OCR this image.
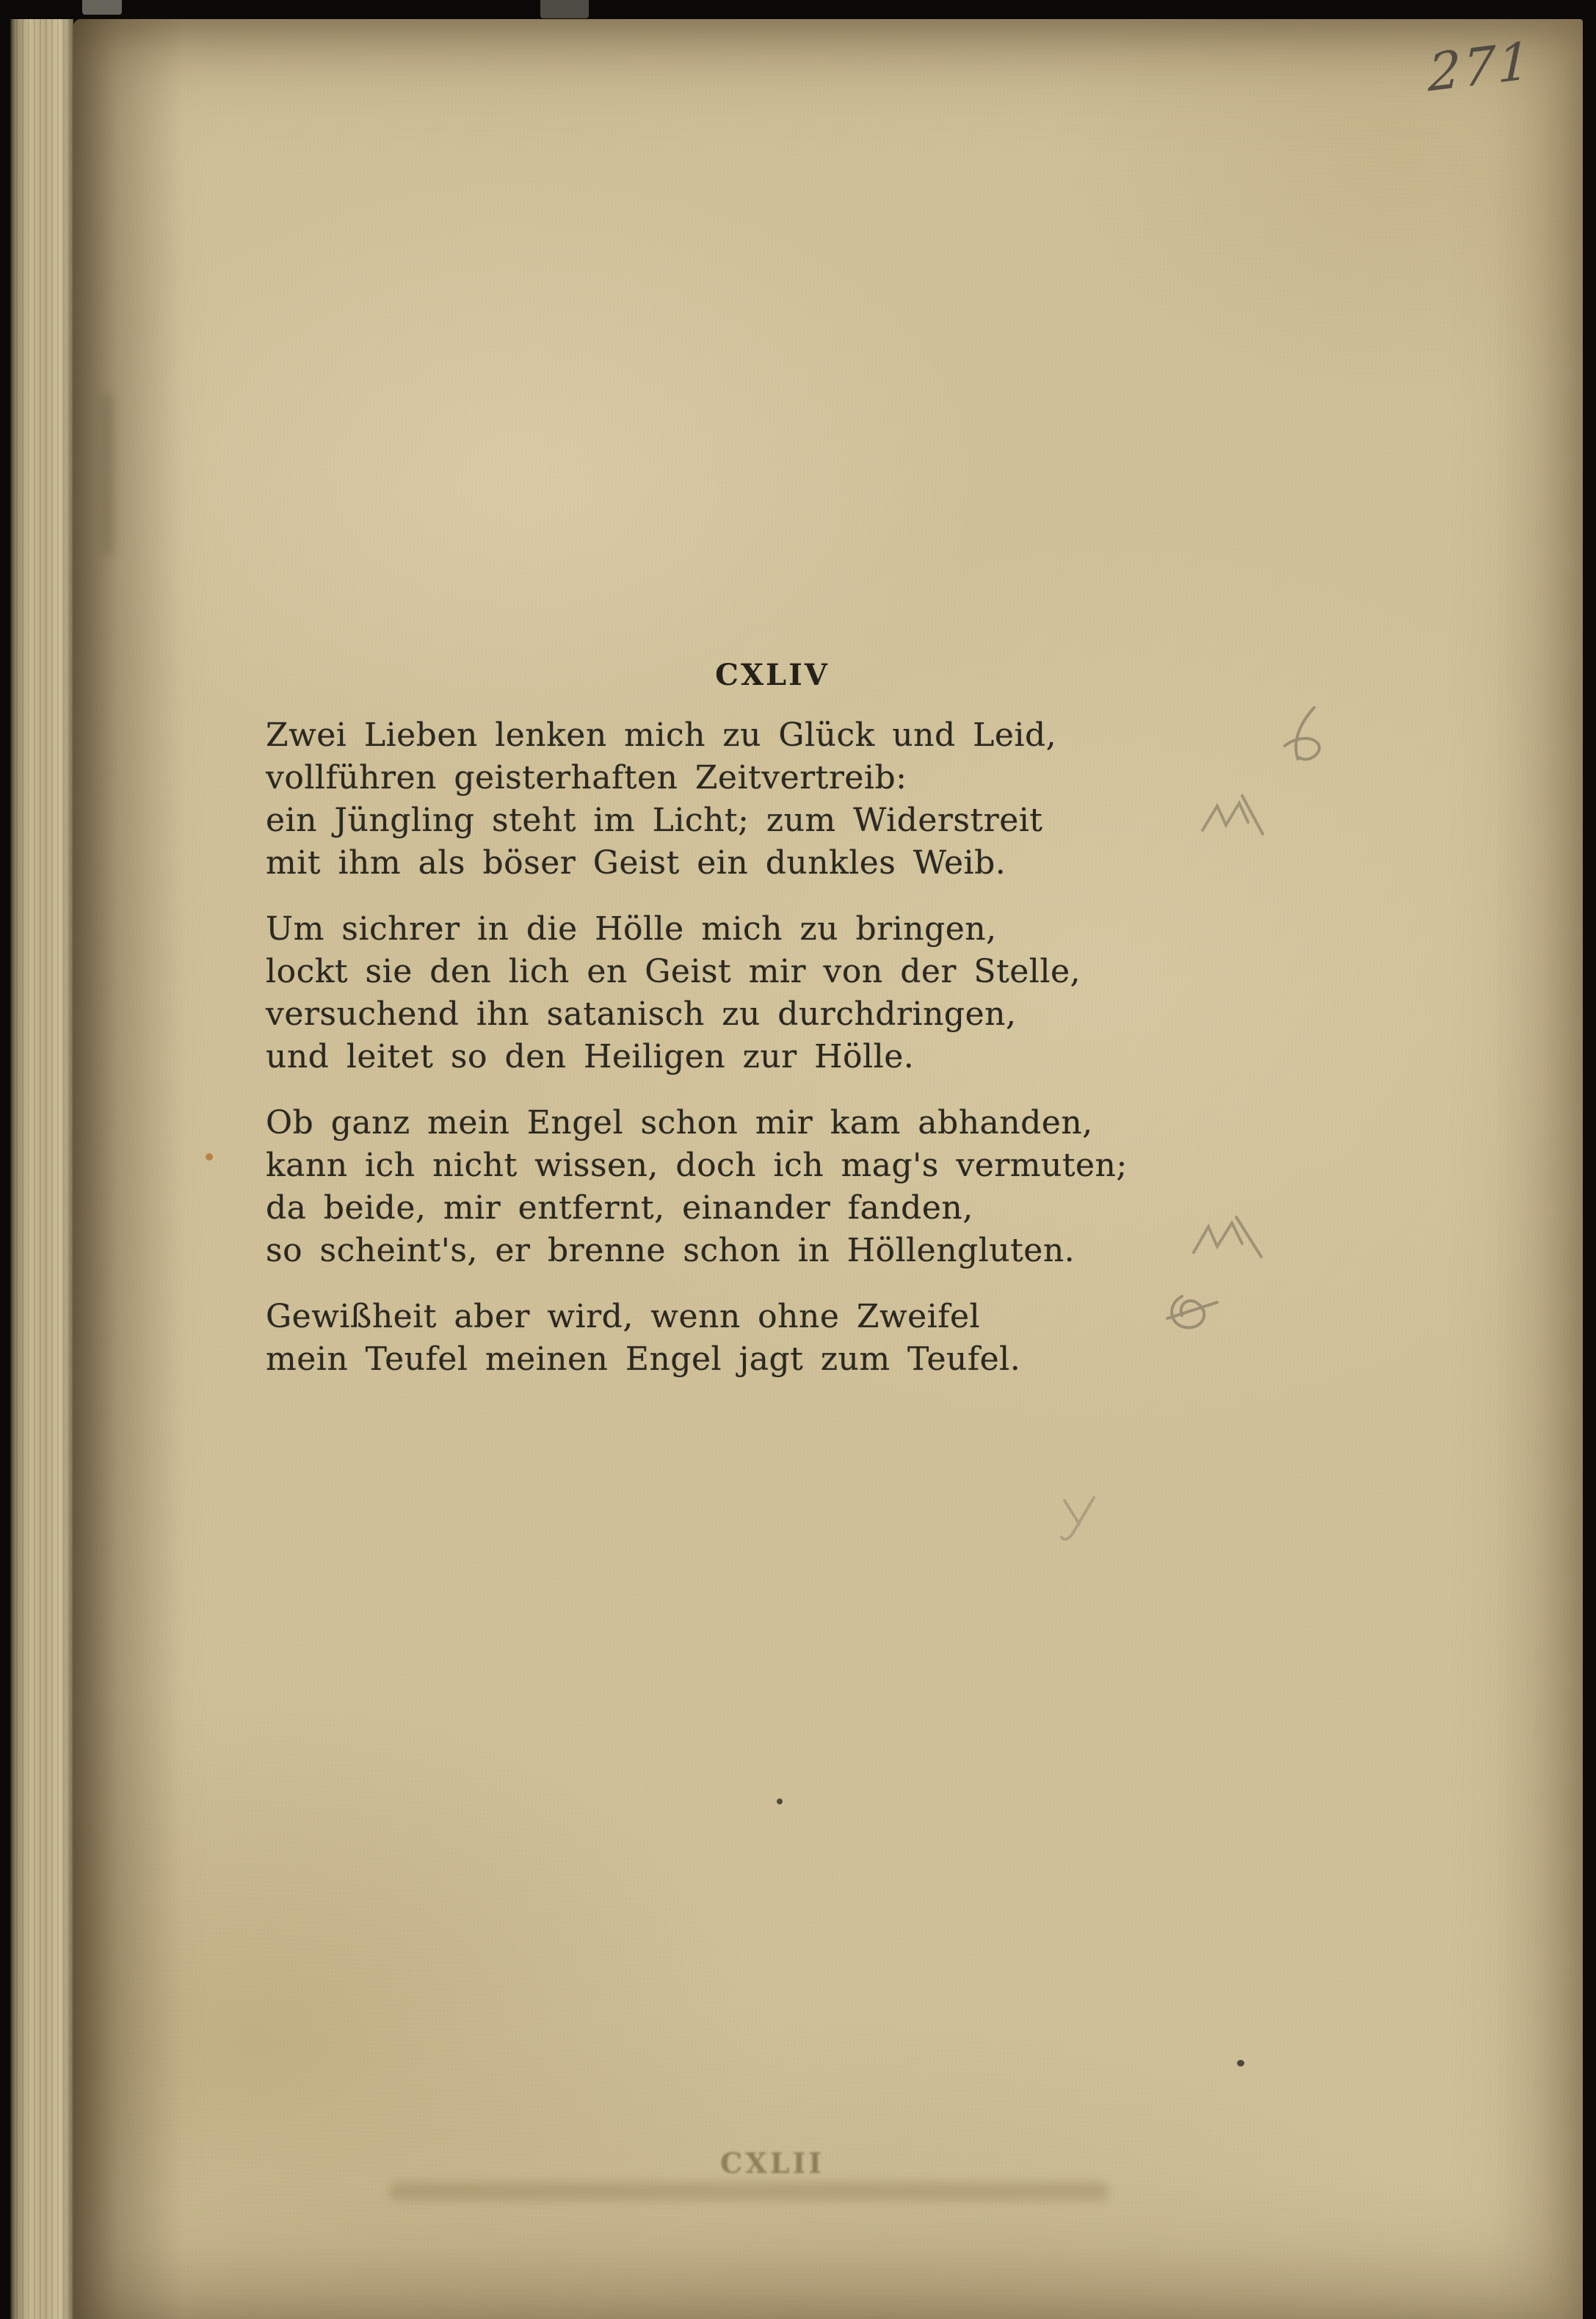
271
CXLIV
Zwei Lieben lenken mich zu Glück und Leid,
vollführen geisterhaften Zeitvertreib:
ein Jüngling steht im Licht; zum Widerstreit
mit ihm als böser Geist ein dunkles Weib.
Um sichrer in die Hölle mich zu bringen,
lockt sie den lich en Geist mir von der Stelle,
versuchend ihn satanisch zu durchdringen,
und leitet so den Heiligen zur Hölle.
Ob ganz mein Engel schon mir kam abhanden,
kann ich nicht wissen, doch ich mag's vermuten;
da beide, mir entfernt, einander fanden,
so scheint's, er brenne schon in Höllengluten.
Gewißheit aber wird, wenn ohne Zweifel
mein Teufel meinen Engel jagt zum Teufel.
CXLII
